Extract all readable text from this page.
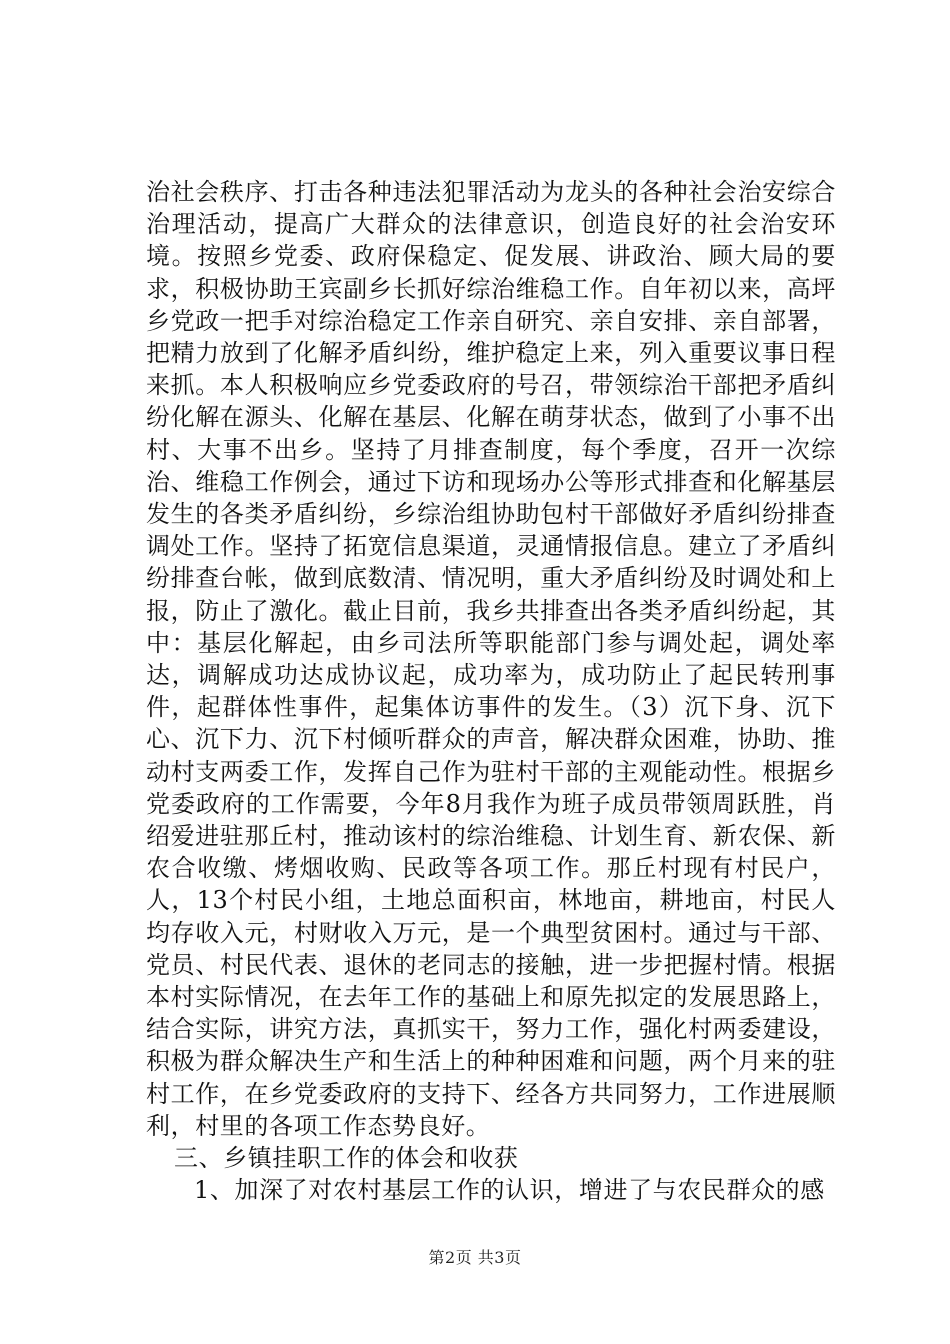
治社会秩序、打击各种违法犯罪活动为龙头的各种社会治安综合治理活动，提高广大群众的法律意识，创造良好的社会治安环境。按照乡党委、政府保稳定、促发展、讲政治、顾大局的要求，积极协助王宾副乡长抓好综治维稳工作。自年初以来，高坪乡党政一把手对综治稳定工作亲自研究、亲自安排、亲自部署，把精力放到了化解矛盾纠纷，维护稳定上来，列入重要议事日程来抓。本人积极响应乡党委政府的号召，带领综治干部把矛盾纠纷化解在源头、化解在基层、化解在萌芽状态，做到了小事不出村、大事不出乡。坚持了月排查制度，每个季度，召开一次综治、维稳工作例会，通过下访和现场办公等形式排查和化解基层发生的各类矛盾纠纷，乡综治组协助包村干部做好矛盾纠纷排查调处工作。坚持了拓宽信息渠道，灵通情报信息。建立了矛盾纠纷排查台帐，做到底数清、情况明，重大矛盾纠纷及时调处和上报，防止了激化。截止目前，我乡共排查出各类矛盾纠纷起，其中：基层化解起，由乡司法所等职能部门参与调处起，调处率达，调解成功达成协议起，成功率为，成功防止了起民转刑事件，起群体性事件，起集体访事件的发生。（3）沉下身、沉下心、沉下力、沉下村倾听群众的声音，解决群众困难，协助、推动村支两委工作，发挥自己作为驻村干部的主观能动性。根据乡党委政府的工作需要，今年8月我作为班子成员带领周跃胜，肖绍爱进驻那丘村，推动该村的综治维稳、计划生育、新农保、新农合收缴、烤烟收购、民政等各项工作。那丘村现有村民户，人，13个村民小组，土地总面积亩，林地亩，耕地亩，村民人均存收入元，村财收入万元，是一个典型贫困村。通过与干部、党员、村民代表、退休的老同志的接触，进一步把握村情。根据本村实际情况，在去年工作的基础上和原先拟定的发展思路上，结合实际，讲究方法，真抓实干，努力工作，强化村两委建设，积极为群众解决生产和生活上的种种困难和问题，两个月来的驻村工作，在乡党委政府的支持下、经各方共同努力，工作进展顺利，村里的各项工作态势良好。

三、乡镇挂职工作的体会和收获

1、加深了对农村基层工作的认识，增进了与农民群众的感

第2页 共3页
